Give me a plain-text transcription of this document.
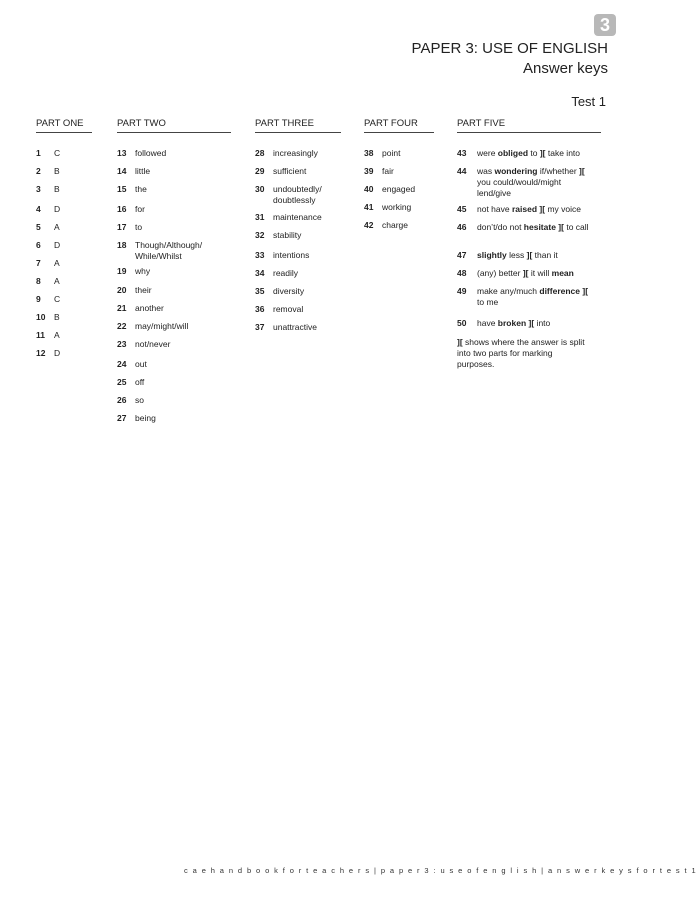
3
PAPER 3: USE OF ENGLISH
Answer keys
Test 1
PART ONE
1 C
2 B
3 B
4 D
5 A
6 D
7 A
8 A
9 C
10 B
11 A
12 D
PART TWO
13 followed
14 little
15 the
16 for
17 to
18 Though/Although/ While/Whilst
19 why
20 their
21 another
22 may/might/will
23 not/never
24 out
25 off
26 so
27 being
PART THREE
28 increasingly
29 sufficient
30 undoubtedly/ doubtlessly
31 maintenance
32 stability
33 intentions
34 readily
35 diversity
36 removal
37 unattractive
PART FOUR
38 point
39 fair
40 engaged
41 working
42 charge
PART FIVE
43 were obliged to ][ take into
44 was wondering if/whether ][ you could/would/might lend/give
45 not have raised ][ my voice
46 don’t/do not hesitate ][ to call
47 slightly less ][ than it
48 (any) better ][ it will mean
49 make any/much difference ][ to me
50 have broken ][ into
][ shows where the answer is split into two parts for marking purposes.
c a e h a n d b o o k f o r t e a c h e r s | p a p e r 3 : u s e o f e n g l i s h | a n s w e r k e y s f o r t e s t 1
